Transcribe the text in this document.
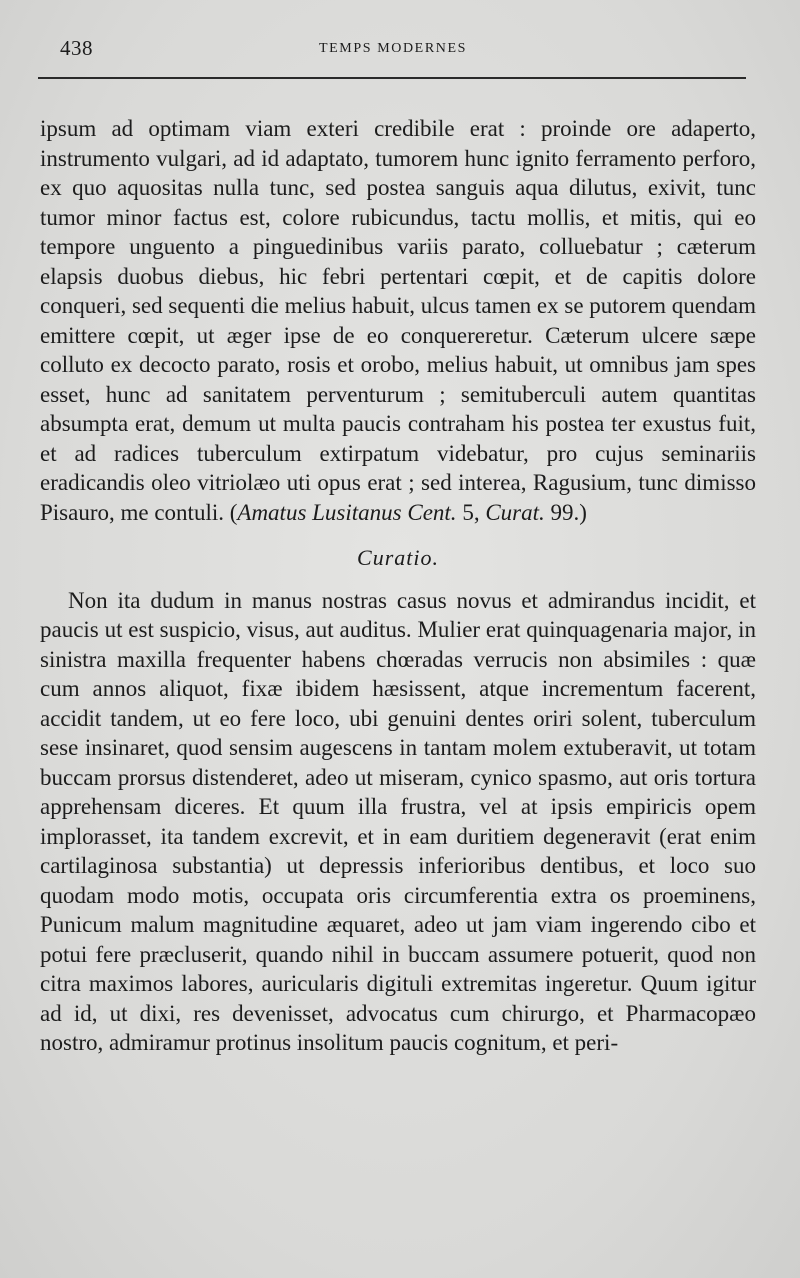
438	TEMPS MODERNES

ipsum ad optimam viam exteri credibile erat : proinde ore adaperto, instrumento vulgari, ad id adaptato, tumorem hunc ignito ferramento perforo, ex quo aquositas nulla tunc, sed postea sanguis aqua dilutus, exivit, tunc tumor minor factus est, colore rubicundus, tactu mollis, et mitis, qui eo tempore unguento a pinguedinibus variis parato, colluebatur ; cæterum elapsis duobus diebus, hic febri pertentari cœpit, et de capitis dolore conqueri, sed sequenti die melius habuit, ulcus tamen ex se putorem quendam emittere cœpit, ut æger ipse de eo conquereretur. Cæterum ulcere sæpe colluto ex decocto parato, rosis et orobo, melius habuit, ut omnibus jam spes esset, hunc ad sanitatem perventurum ; semituberculi autem quantitas absumpta erat, demum ut multa paucis contraham his postea ter exustus fuit, et ad radices tuberculum extirpatum videbatur, pro cujus seminariis eradicandis oleo vitriolæo uti opus erat ; sed interea, Ragusium, tunc dimisso Pisauro, me contuli. (Amatus Lusitanus Cent. 5, Curat. 99.)

Curatio.

Non ita dudum in manus nostras casus novus et admirandus incidit, et paucis ut est suspicio, visus, aut auditus. Mulier erat quinquagenaria major, in sinistra maxilla frequenter habens chœradas verrucis non absimiles : quæ cum annos aliquot, fixæ ibidem hæsissent, atque incrementum facerent, accidit tandem, ut eo fere loco, ubi genuini dentes oriri solent, tuberculum sese insinaret, quod sensim augescens in tantam molem extuberavit, ut totam buccam prorsus distenderet, adeo ut miseram, cynico spasmo, aut oris tortura apprehensam diceres. Et quum illa frustra, vel at ipsis empiricis opem implorasset, ita tandem excrevit, et in eam duritiem degeneravit (erat enim cartilaginosa substantia) ut depressis inferioribus dentibus, et loco suo quodam modo motis, occupata oris circumferentia extra os proeminens, Punicum malum magnitudine æquaret, adeo ut jam viam ingerendo cibo et potui fere præcluserit, quando nihil in buccam assumere potuerit, quod non citra maximos labores, auricularis digituli extremitas ingeretur. Quum igitur ad id, ut dixi, res devenisset, advocatus cum chirurgo, et Pharmacopæo nostro, admiramur protinus insolitum paucis cognitum, et peri-
